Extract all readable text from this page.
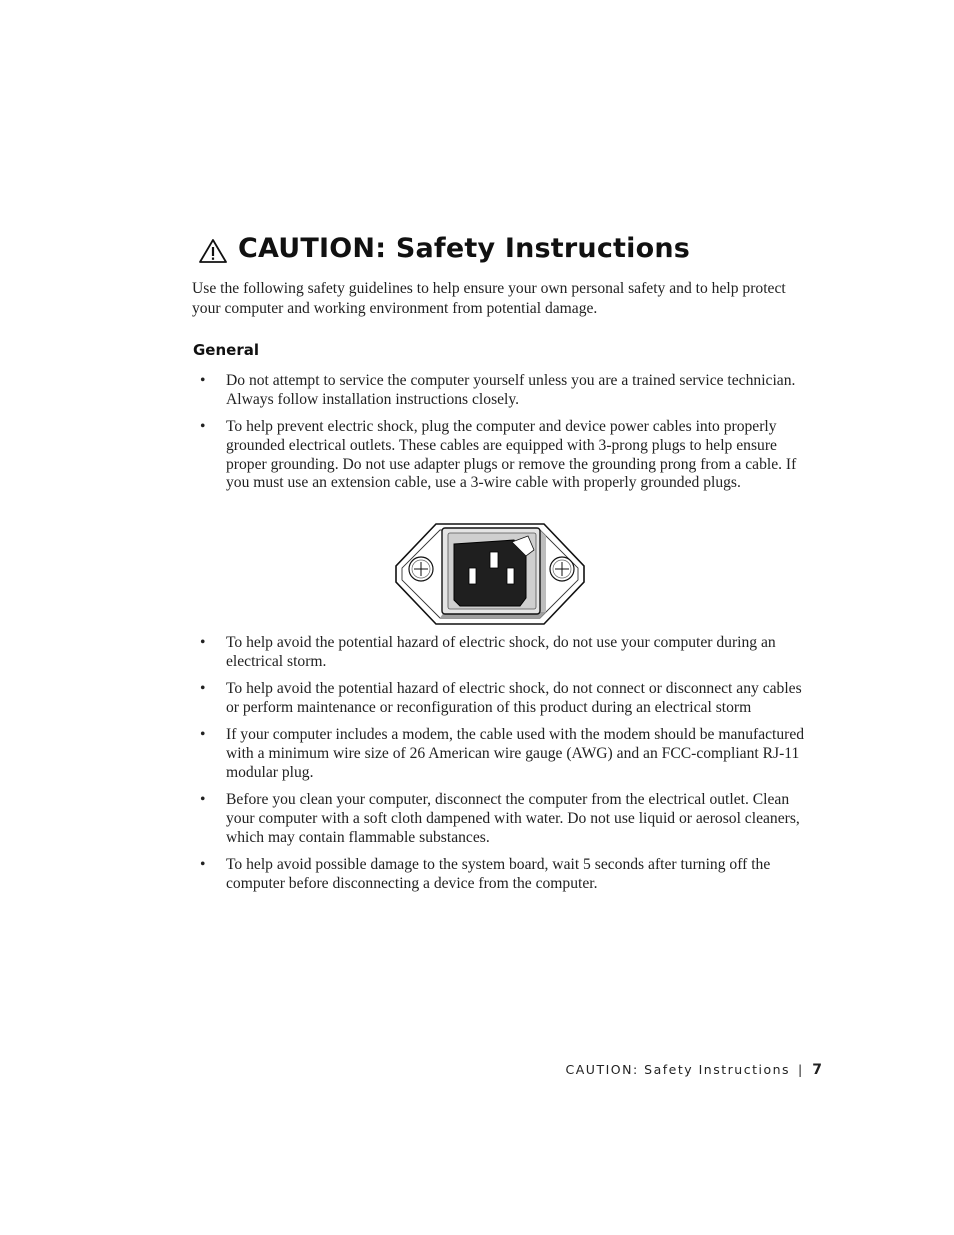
CAUTION: Safety Instructions

Use the following safety guidelines to help ensure your own personal safety and to help protect your computer and working environment from potential damage.

General
• Do not attempt to service the computer yourself unless you are a trained service technician. Always follow installation instructions closely.
• To help prevent electric shock, plug the computer and device power cables into properly grounded electrical outlets. These cables are equipped with 3-prong plugs to help ensure proper grounding. Do not use adapter plugs or remove the grounding prong from a cable. If you must use an extension cable, use a 3-wire cable with properly grounded plugs.
• To help avoid the potential hazard of electric shock, do not use your computer during an electrical storm.
• To help avoid the potential hazard of electric shock, do not connect or disconnect any cables or perform maintenance or reconfiguration of this product during an electrical storm
• If your computer includes a modem, the cable used with the modem should be manufactured with a minimum wire size of 26 American wire gauge (AWG) and an FCC-compliant RJ-11 modular plug.
• Before you clean your computer, disconnect the computer from the electrical outlet. Clean your computer with a soft cloth dampened with water. Do not use liquid or aerosol cleaners, which may contain flammable substances.
• To help avoid possible damage to the system board, wait 5 seconds after turning off the computer before disconnecting a device from the computer.
CAUTION: Safety Instructions | 7
